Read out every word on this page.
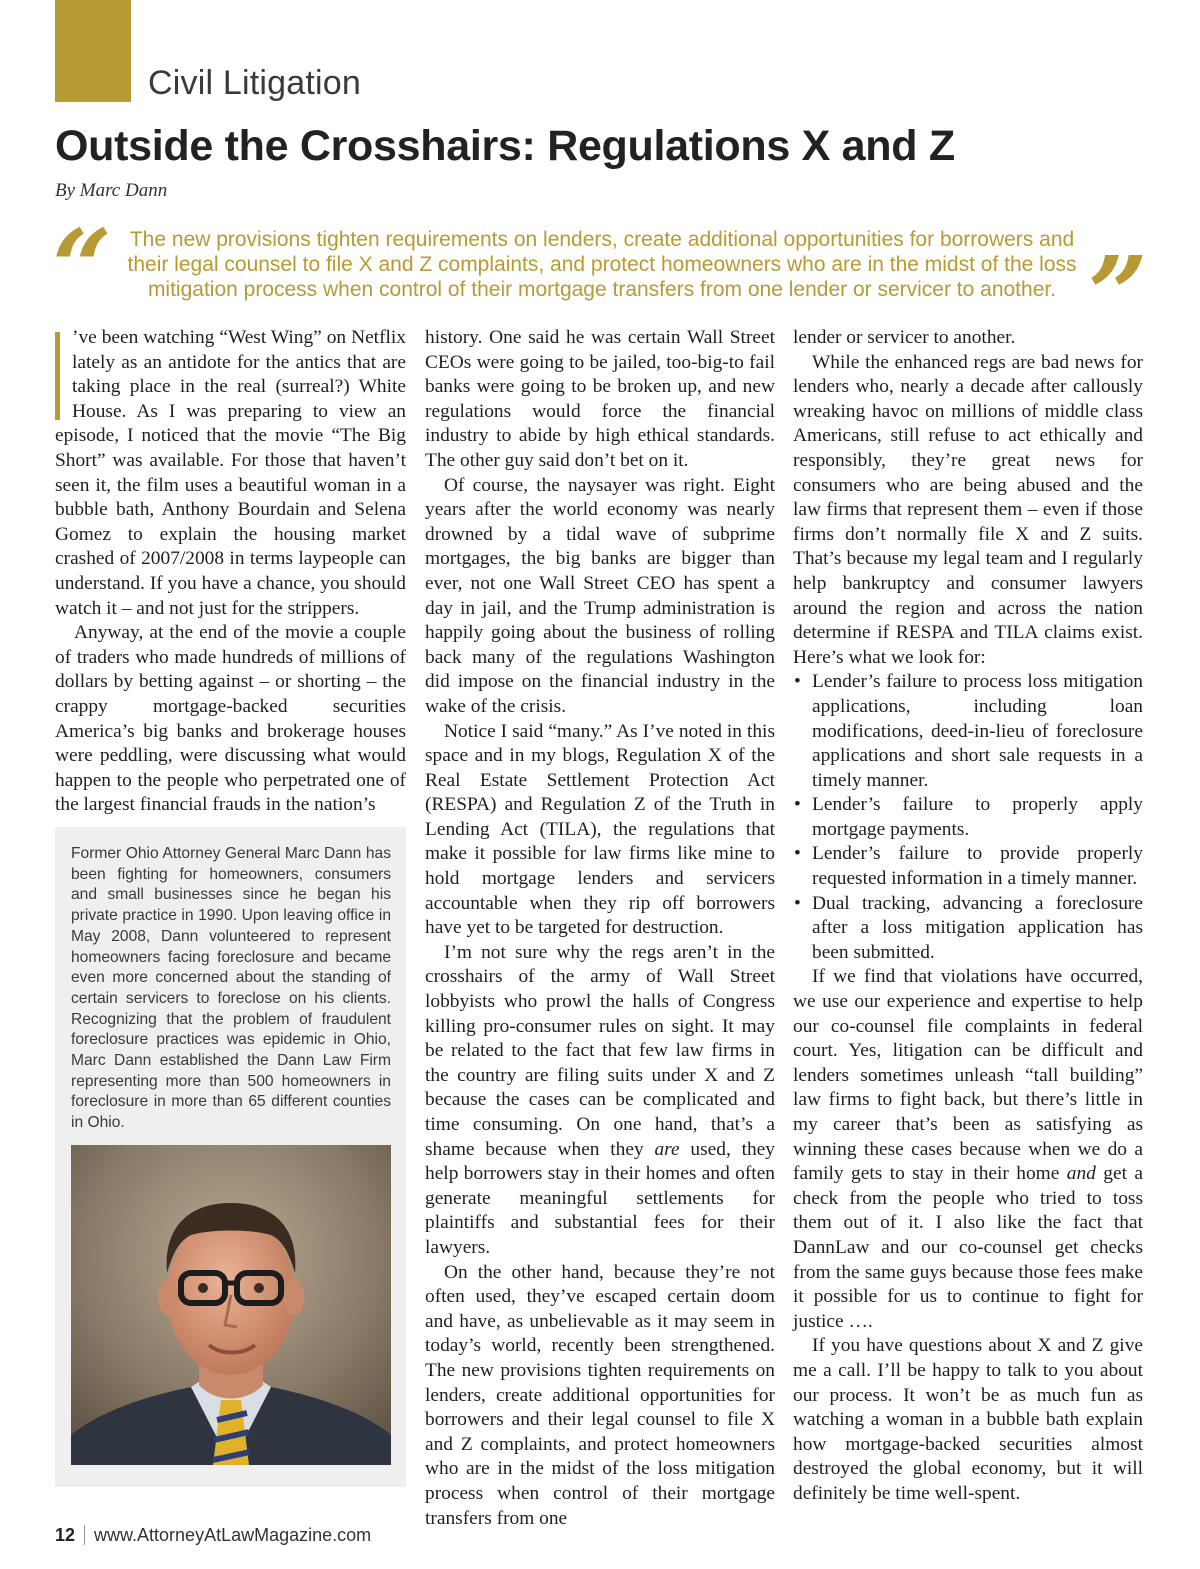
Civil Litigation
Outside the Crosshairs: Regulations X and Z
By Marc Dann
“ The new provisions tighten requirements on lenders, create additional opportunities for borrowers and their legal counsel to file X and Z complaints, and protect homeowners who are in the midst of the loss mitigation process when control of their mortgage transfers from one lender or servicer to another. ”

’ve been watching “West Wing” on Netflix lately as an antidote for the antics that are taking place in the real (surreal?) White House. As I was preparing to view an episode, I noticed that the movie “The Big Short” was available. For those that haven’t seen it, the film uses a beautiful woman in a bubble bath, Anthony Bourdain and Selena Gomez to explain the housing market crashed of 2007/2008 in terms laypeople can understand. If you have a chance, you should watch it – and not just for the strippers.

Anyway, at the end of the movie a couple of traders who made hundreds of millions of dollars by betting against – or shorting – the crappy mortgage-backed securities America’s big banks and brokerage houses were peddling, were discussing what would happen to the people who perpetrated one of the largest financial frauds in the nation’s

Former Ohio Attorney General Marc Dann has been fighting for homeowners, consumers and small businesses since he began his private practice in 1990. Upon leaving office in May 2008, Dann volunteered to represent homeowners facing foreclosure and became even more concerned about the standing of certain servicers to foreclose on his clients. Recognizing that the problem of fraudulent foreclosure practices was epidemic in Ohio, Marc Dann established the Dann Law Firm representing more than 500 homeowners in foreclosure in more than 65 different counties in Ohio.

history. One said he was certain Wall Street CEOs were going to be jailed, too-big-to fail banks were going to be broken up, and new regulations would force the financial industry to abide by high ethical standards. The other guy said don’t bet on it.

Of course, the naysayer was right. Eight years after the world economy was nearly drowned by a tidal wave of subprime mortgages, the big banks are bigger than ever, not one Wall Street CEO has spent a day in jail, and the Trump administration is happily going about the business of rolling back many of the regulations Washington did impose on the financial industry in the wake of the crisis.

Notice I said “many.” As I’ve noted in this space and in my blogs, Regulation X of the Real Estate Settlement Protection Act (RESPA) and Regulation Z of the Truth in Lending Act (TILA), the regulations that make it possible for law firms like mine to hold mortgage lenders and servicers accountable when they rip off borrowers have yet to be targeted for destruction.

I’m not sure why the regs aren’t in the crosshairs of the army of Wall Street lobbyists who prowl the halls of Congress killing pro-consumer rules on sight. It may be related to the fact that few law firms in the country are filing suits under X and Z because the cases can be complicated and time consuming. On one hand, that’s a shame because when they are used, they help borrowers stay in their homes and often generate meaningful settlements for plaintiffs and substantial fees for their lawyers.

On the other hand, because they’re not often used, they’ve escaped certain doom and have, as unbelievable as it may seem in today’s world, recently been strengthened. The new provisions tighten requirements on lenders, create additional opportunities for borrowers and their legal counsel to file X and Z complaints, and protect homeowners who are in the midst of the loss mitigation process when control of their mortgage transfers from one

lender or servicer to another.

While the enhanced regs are bad news for lenders who, nearly a decade after callously wreaking havoc on millions of middle class Americans, still refuse to act ethically and responsibly, they’re great news for consumers who are being abused and the law firms that represent them – even if those firms don’t normally file X and Z suits. That’s because my legal team and I regularly help bankruptcy and consumer lawyers around the region and across the nation determine if RESPA and TILA claims exist. Here’s what we look for:

• Lender’s failure to process loss mitigation applications, including loan modifications, deed-in-lieu of foreclosure applications and short sale requests in a timely manner.
• Lender’s failure to properly apply mortgage payments.
• Lender’s failure to provide properly requested information in a timely manner.
• Dual tracking, advancing a foreclosure after a loss mitigation application has been submitted.

If we find that violations have occurred, we use our experience and expertise to help our co-counsel file complaints in federal court. Yes, litigation can be difficult and lenders sometimes unleash “tall building” law firms to fight back, but there’s little in my career that’s been as satisfying as winning these cases because when we do a family gets to stay in their home and get a check from the people who tried to toss them out of it. I also like the fact that DannLaw and our co-counsel get checks from the same guys because those fees make it possible for us to continue to fight for justice ….

If you have questions about X and Z give me a call. I’ll be happy to talk to you about our process. It won’t be as much fun as watching a woman in a bubble bath explain how mortgage-backed securities almost destroyed the global economy, but it will definitely be time well-spent.

12 www.AttorneyAtLawMagazine.com
